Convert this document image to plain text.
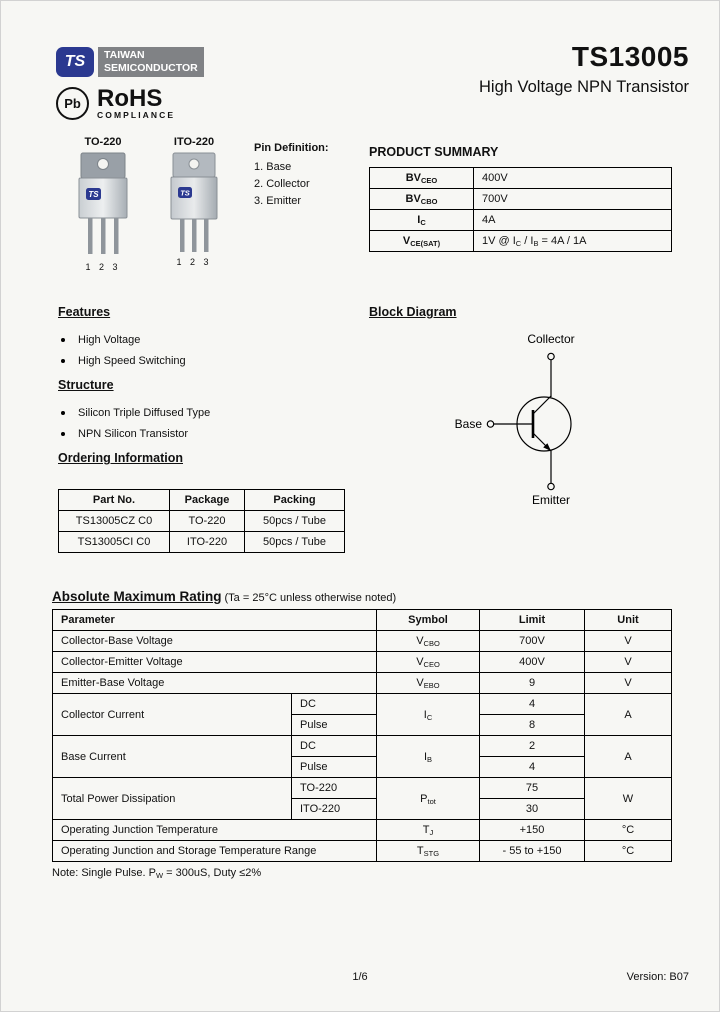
TS TAIWAN
SEMICONDUCTOR	TS13005
High Voltage NPN Transistor
Pb RoHS
COMPLIANCE
TO-220	ITO-220
TS	TS
1 2 3	1 2 3
Pin Definition:
1. Base
2. Collector
3. Emitter
PRODUCT SUMMARY
$BV_{CEO}$	400V
$BV_{CBO}$	700V
$I_C$	4A
$V_{CE(SAT)}$	1V @ $I_C / I_B = 4A / 1A$
Features
High Voltage
High Speed Switching
Block Diagram
Collector
Base
Emitter
Structure
Silicon Triple Diffused Type
NPN Silicon Transistor
Ordering Information
Part No.	Package	Packing
TS13005CZ C0	TO-220	50pcs / Tube
TS13005CI C0	ITO-220	50pcs / Tube
Absolute Maximum Rating (Ta = 25°C unless otherwise noted)
Parameter		Symbol	Limit	Unit
Collector-Base Voltage		$V_{CBO}$	700V	V
Collector-Emitter Voltage		$V_{CEO}$	400V	V
Emitter-Base Voltage		$V_{EBO}$	9	V
Collector Current	DC	$I_C$	4	A
	Pulse		8	
Base Current	DC	$I_B$	2	A
	Pulse		4	
Total Power Dissipation	TO-220	$P_{tot}$	75	W
	ITO-220		30	
Operating Junction Temperature		$T_J$	+150	°C
Operating Junction and Storage Temperature Range		$T_{STG}$	- 55 to +150	°C
Note: Single Pulse. $P_W = 300uS$, Duty ≤2%
1/6	Version: B07
